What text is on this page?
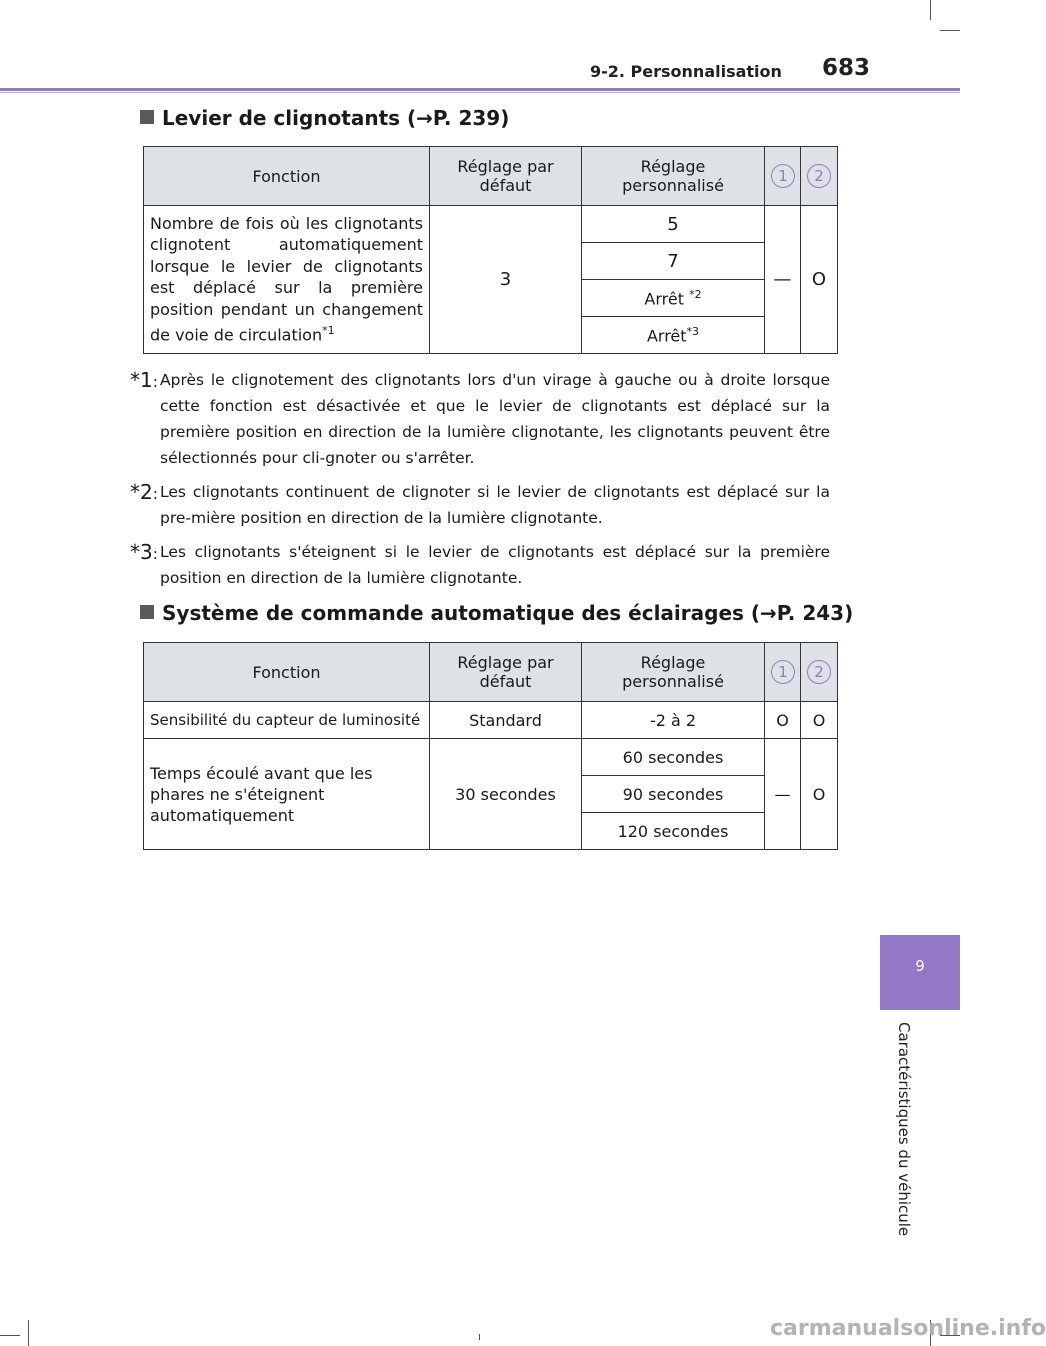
9-2. Personnalisation 683
Levier de clignotants (→P. 239)
Fonction	Réglage par défaut	Réglage personnalisé	1	2
Nombre de fois où les clignotants clignotent automatiquement lorsque le levier de clignotants est déplacé sur la première position pendant un changement de voie de circulation$^{*1}$	3	5	—	O
		7		
		Arrêt $^{*2}$
		Arrêt$^{*3}$
*1: Après le clignotement des clignotants lors d'un virage à gauche ou à droite lorsque cette fonction est désactivée et que le levier de clignotants est déplacé sur la première position en direction de la lumière clignotante, les clignotants peuvent être sélectionnés pour cli-gnoter ou s'arrêter.
*2: Les clignotants continuent de clignoter si le levier de clignotants est déplacé sur la pre-mière position en direction de la lumière clignotante.
*3: Les clignotants s'éteignent si le levier de clignotants est déplacé sur la première position en direction de la lumière clignotante.
Système de commande automatique des éclairages (→P. 243)
Fonction	Réglage par défaut	Réglage personnalisé	1	2
Sensibilité du capteur de luminosité	Standard	-2 à 2	O	O
Temps écoulé avant que les phares ne s'éteignent automatiquement	30 secondes	60 secondes	—	O
		90 secondes		
		120 secondes		
9
Caractéristiques du véhicule
carmanualsonline.info
